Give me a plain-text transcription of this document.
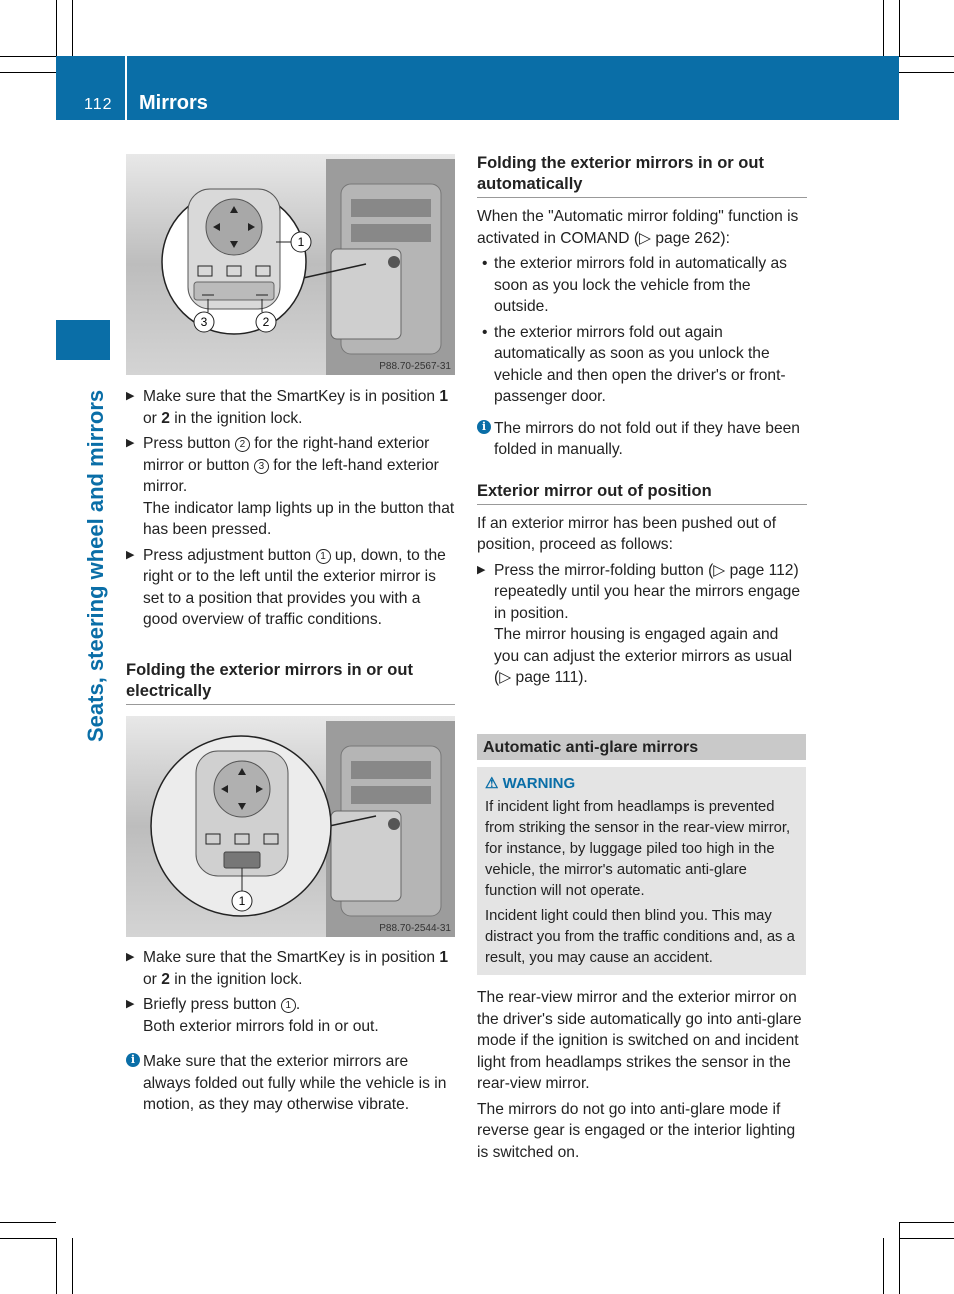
112 Mirrors
Seats, steering wheel and mirrors
1
2
3
P88.70-2567-31

▶ Make sure that the SmartKey is in position 1 or 2 in the ignition lock.

▶ Press button 2 for the right-hand exterior mirror or button 3 for the left-hand exterior mirror.

The indicator lamp lights up in the button that has been pressed.

▶ Press adjustment button 1 up, down, to the right or to the left until the exterior mirror is set to a position that provides you with a good overview of traffic conditions.

Folding the exterior mirrors in or out electrically
1
P88.70-2544-31

▶ Make sure that the SmartKey is in position 1 or 2 in the ignition lock.

▶ Briefly press button 1 .

Both exterior mirrors fold in or out.

i Make sure that the exterior mirrors are always folded out fully while the vehicle is in motion, as they may otherwise vibrate.

Folding the exterior mirrors in or out automatically

When the "Automatic mirror folding" function is activated in COMAND (▷ page 262):

• the exterior mirrors fold in automatically as soon as you lock the vehicle from the outside.

• the exterior mirrors fold out again automatically as soon as you unlock the vehicle and then open the driver's or front-passenger door.

i The mirrors do not fold out if they have been folded in manually.

Exterior mirror out of position

If an exterior mirror has been pushed out of position, proceed as follows:

▶ Press the mirror-folding button (▷ page 112) repeatedly until you hear the mirrors engage in position.

The mirror housing is engaged again and you can adjust the exterior mirrors as usual (▷ page 111).

Automatic anti-glare mirrors
⚠ WARNING

If incident light from headlamps is prevented from striking the sensor in the rear-view mirror, for instance, by luggage piled too high in the vehicle, the mirror's automatic anti-glare function will not operate.

Incident light could then blind you. This may distract you from the traffic conditions and, as a result, you may cause an accident.

The rear-view mirror and the exterior mirror on the driver's side automatically go into anti-glare mode if the ignition is switched on and incident light from headlamps strikes the sensor in the rear-view mirror.

The mirrors do not go into anti-glare mode if reverse gear is engaged or the interior lighting is switched on.
